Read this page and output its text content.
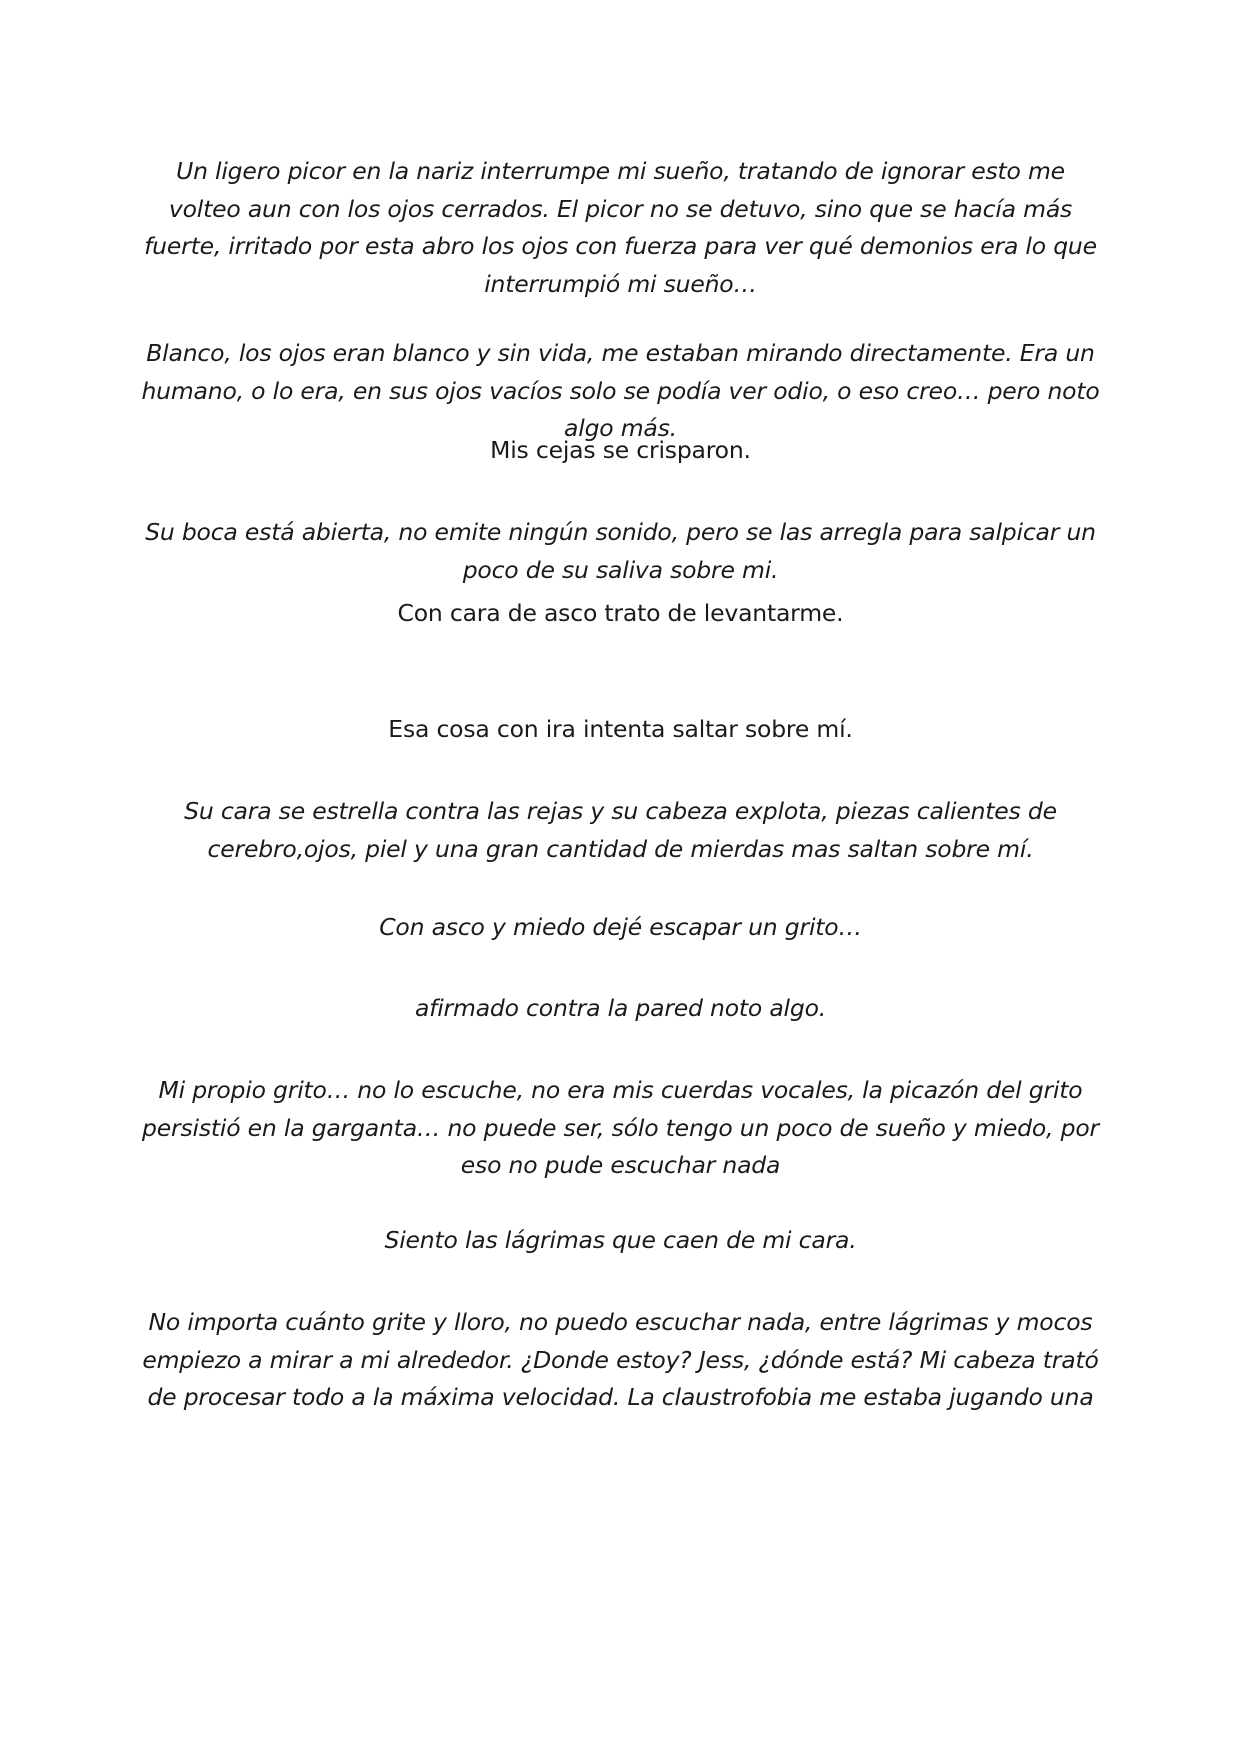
Un ligero picor en la nariz interrumpe mi sueño, tratando de ignorar esto me volteo aun con los ojos cerrados. El picor no se detuvo, sino que se hacía más fuerte, irritado por esta abro los ojos con fuerza para ver qué demonios era lo que interrumpió mi sueño…

Blanco, los ojos eran blanco y sin vida, me estaban mirando directamente. Era un humano, o lo era, en sus ojos vacíos solo se podía ver odio, o eso creo… pero noto algo más.

Mis cejas se crisparon.

Su boca está abierta, no emite ningún sonido, pero se las arregla para salpicar un poco de su saliva sobre mi.

Con cara de asco trato de levantarme.

Esa cosa con ira intenta saltar sobre mí.

Su cara se estrella contra las rejas y su cabeza explota, piezas calientes de cerebro,ojos, piel y una gran cantidad de mierdas mas saltan sobre mí.

Con asco y miedo dejé escapar un grito…

afirmado contra la pared noto algo.

Mi propio grito… no lo escuche, no era mis cuerdas vocales, la picazón del grito persistió en la garganta… no puede ser, sólo tengo un poco de sueño y miedo, por eso no pude escuchar nada

Siento las lágrimas que caen de mi cara.

No importa cuánto grite y lloro, no puedo escuchar nada, entre lágrimas y mocos empiezo a mirar a mi alrededor. ¿Donde estoy? Jess, ¿dónde está? Mi cabeza trató de procesar todo a la máxima velocidad. La claustrofobia me estaba jugando una
